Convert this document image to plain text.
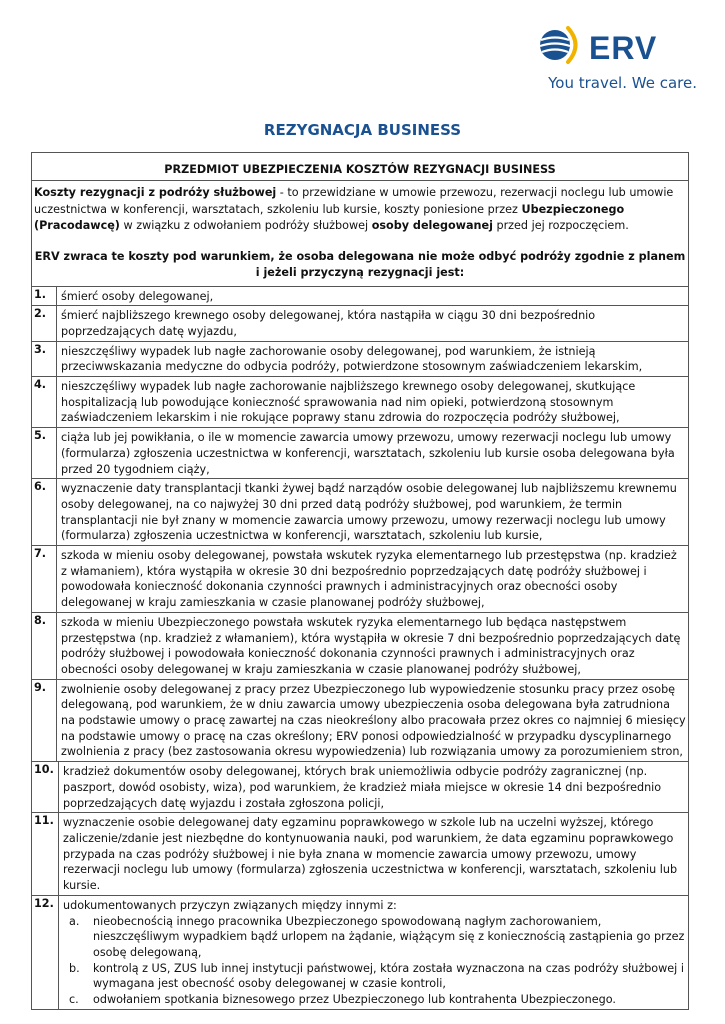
ERV
You travel. We care.
REZYGNACJA BUSINESS
PRZEDMIOT UBEZPIECZENIA KOSZTÓW REZYGNACJI BUSINESS

Koszty rezygnacji z podróży służbowej - to przewidziane w umowie przewozu, rezerwacji noclegu lub umowie uczestnictwa w konferencji, warsztatach, szkoleniu lub kursie, koszty poniesione przez Ubezpieczonego (Pracodawcę) w związku z odwołaniem podróży służbowej osoby delegowanej przed jej rozpoczęciem.

ERV zwraca te koszty pod warunkiem, że osoba delegowana nie może odbyć podróży zgodnie z planem i jeżeli przyczyną rezygnacji jest:

1.	śmierć osoby delegowanej,
2.	śmierć najbliższego krewnego osoby delegowanej, która nastąpiła w ciągu 30 dni bezpośrednio poprzedzających datę wyjazdu,
3.	nieszczęśliwy wypadek lub nagłe zachorowanie osoby delegowanej, pod warunkiem, że istnieją przeciwwskazania medyczne do odbycia podróży, potwierdzone stosownym zaświadczeniem lekarskim,
4.	nieszczęśliwy wypadek lub nagłe zachorowanie najbliższego krewnego osoby delegowanej, skutkujące hospitalizacją lub powodujące konieczność sprawowania nad nim opieki, potwierdzoną stosownym zaświadczeniem lekarskim i nie rokujące poprawy stanu zdrowia do rozpoczęcia podróży służbowej,
5.	ciąża lub jej powikłania, o ile w momencie zawarcia umowy przewozu, umowy rezerwacji noclegu lub umowy (formularza) zgłoszenia uczestnictwa w konferencji, warsztatach, szkoleniu lub kursie osoba delegowana była przed 20 tygodniem ciąży,
6.	wyznaczenie daty transplantacji tkanki żywej bądź narządów osobie delegowanej lub najbliższemu krewnemu osoby delegowanej, na co najwyżej 30 dni przed datą podróży służbowej, pod warunkiem, że termin transplantacji nie był znany w momencie zawarcia umowy przewozu, umowy rezerwacji noclegu lub umowy (formularza) zgłoszenia uczestnictwa w konferencji, warsztatach, szkoleniu lub kursie,
7.	szkoda w mieniu osoby delegowanej, powstała wskutek ryzyka elementarnego lub przestępstwa (np. kradzież z włamaniem), która wystąpiła w okresie 30 dni bezpośrednio poprzedzających datę podróży służbowej i powodowała konieczność dokonania czynności prawnych i administracyjnych oraz obecności osoby delegowanej w kraju zamieszkania w czasie planowanej podróży służbowej,
8.	szkoda w mieniu Ubezpieczonego powstała wskutek ryzyka elementarnego lub będąca następstwem przestępstwa (np. kradzież z włamaniem), która wystąpiła w okresie 7 dni bezpośrednio poprzedzających datę podróży służbowej i powodowała konieczność dokonania czynności prawnych i administracyjnych oraz obecności osoby delegowanej w kraju zamieszkania w czasie planowanej podróży służbowej,
9.	zwolnienie osoby delegowanej z pracy przez Ubezpieczonego lub wypowiedzenie stosunku pracy przez osobę delegowaną, pod warunkiem, że w dniu zawarcia umowy ubezpieczenia osoba delegowana była zatrudniona na podstawie umowy o pracę zawartej na czas nieokreślony albo pracowała przez okres co najmniej 6 miesięcy na podstawie umowy o pracę na czas określony; ERV ponosi odpowiedzialność w przypadku dyscyplinarnego zwolnienia z pracy (bez zastosowania okresu wypowiedzenia) lub rozwiązania umowy za porozumieniem stron,
10. kradzież dokumentów osoby delegowanej, których brak uniemożliwia odbycie podróży zagranicznej (np. paszport, dowód osobisty, wiza), pod warunkiem, że kradzież miała miejsce w okresie 14 dni bezpośrednio poprzedzających datę wyjazdu i została zgłoszona policji,
11. wyznaczenie osobie delegowanej daty egzaminu poprawkowego w szkole lub na uczelni wyższej, którego zaliczenie/zdanie jest niezbędne do kontynuowania nauki, pod warunkiem, że data egzaminu poprawkowego przypada na czas podróży służbowej i nie była znana w momencie zawarcia umowy przewozu, umowy rezerwacji noclegu lub umowy (formularza) zgłoszenia uczestnictwa w konferencji, warsztatach, szkoleniu lub kursie.
12. udokumentowanych przyczyn związanych między innymi z:
a.	nieobecnością innego pracownika Ubezpieczonego spowodowaną nagłym zachorowaniem, nieszczęśliwym wypadkiem bądź urlopem na żądanie, wiążącym się z koniecznością zastąpienia go przez osobę delegowaną,
b.	kontrolą z US, ZUS lub innej instytucji państwowej, która została wyznaczona na czas podróży służbowej i wymagana jest obecność osoby delegowanej w czasie kontroli,
c.	odwołaniem spotkania biznesowego przez Ubezpieczonego lub kontrahenta Ubezpieczonego.
